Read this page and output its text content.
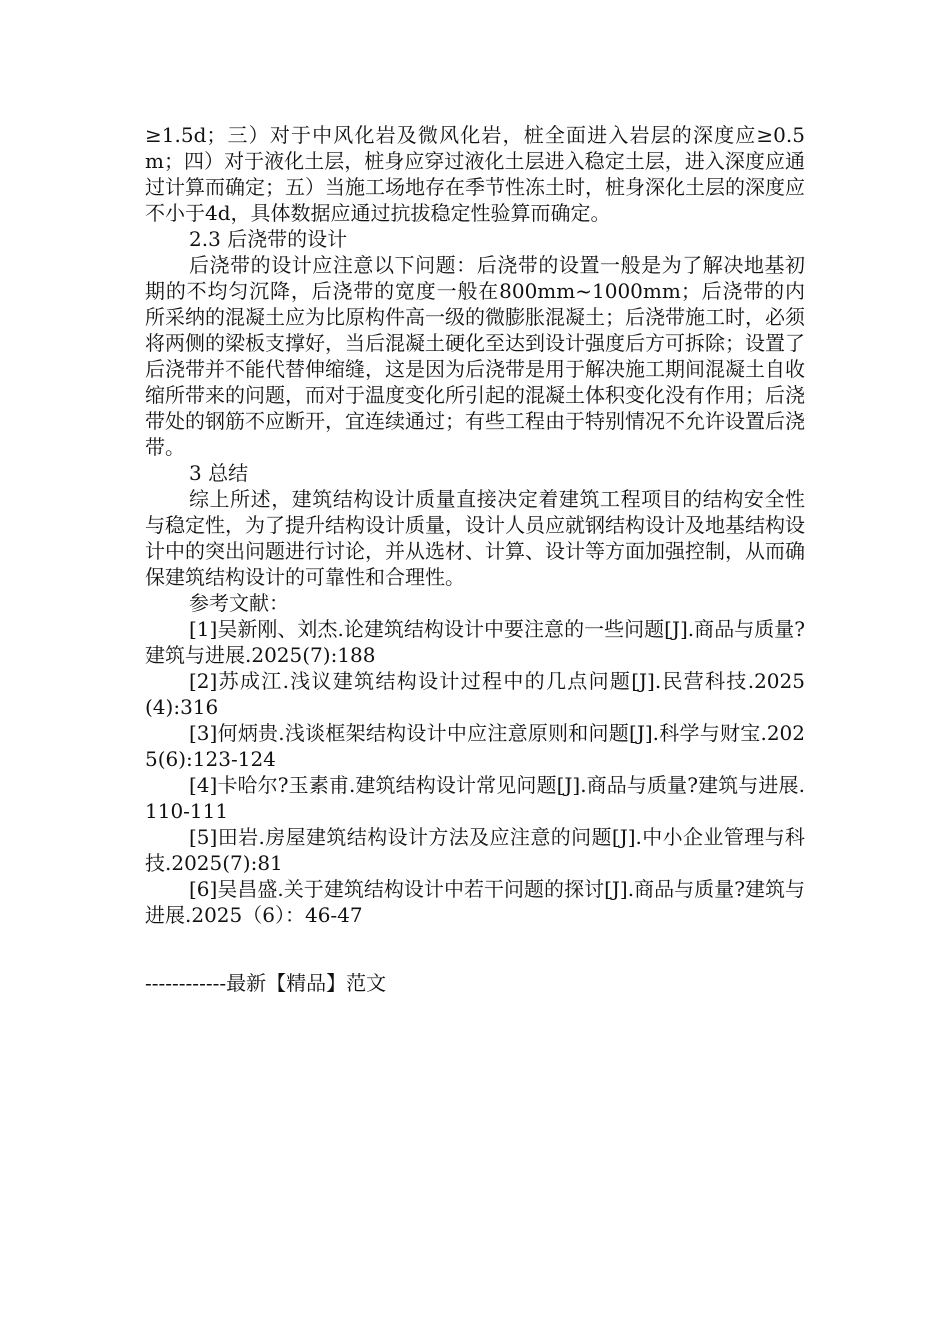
≥1.5d；三）对于中风化岩及微风化岩，桩全面进入岩层的深度应≥0.5m；四）对于液化土层，桩身应穿过液化土层进入稳定土层，进入深度应通过计算而确定；五）当施工场地存在季节性冻土时，桩身深化土层的深度应不小于4d，具体数据应通过抗拔稳定性验算而确定。

2.3 后浇带的设计

后浇带的设计应注意以下问题：后浇带的设置一般是为了解决地基初期的不均匀沉降，后浇带的宽度一般在800mm~1000mm；后浇带的内所采纳的混凝土应为比原构件高一级的微膨胀混凝土；后浇带施工时，必须将两侧的梁板支撑好，当后混凝土硬化至达到设计强度后方可拆除；设置了后浇带并不能代替伸缩缝，这是因为后浇带是用于解决施工期间混凝土自收缩所带来的问题，而对于温度变化所引起的混凝土体积变化没有作用；后浇带处的钢筋不应断开，宜连续通过；有些工程由于特别情况不允许设置后浇带。

3 总结

综上所述，建筑结构设计质量直接决定着建筑工程项目的结构安全性与稳定性，为了提升结构设计质量，设计人员应就钢结构设计及地基结构设计中的突出问题进行讨论，并从选材、计算、设计等方面加强控制，从而确保建筑结构设计的可靠性和合理性。

参考文献：

[1]吴新刚、刘杰.论建筑结构设计中要注意的一些问题[J].商品与质量?建筑与进展.2025(7):188
[2]苏成江.浅议建筑结构设计过程中的几点问题[J].民营科技.2025(4):316
[3]何炳贵.浅谈框架结构设计中应注意原则和问题[J].科学与财宝.2025(6):123-124
[4]卡哈尔?玉素甫.建筑结构设计常见问题[J].商品与质量?建筑与进展.110-111
[5]田岩.房屋建筑结构设计方法及应注意的问题[J].中小企业管理与科技.2025(7):81
[6]吴昌盛.关于建筑结构设计中若干问题的探讨[J].商品与质量?建筑与进展.2025（6）：46-47
------------最新【精品】范文
